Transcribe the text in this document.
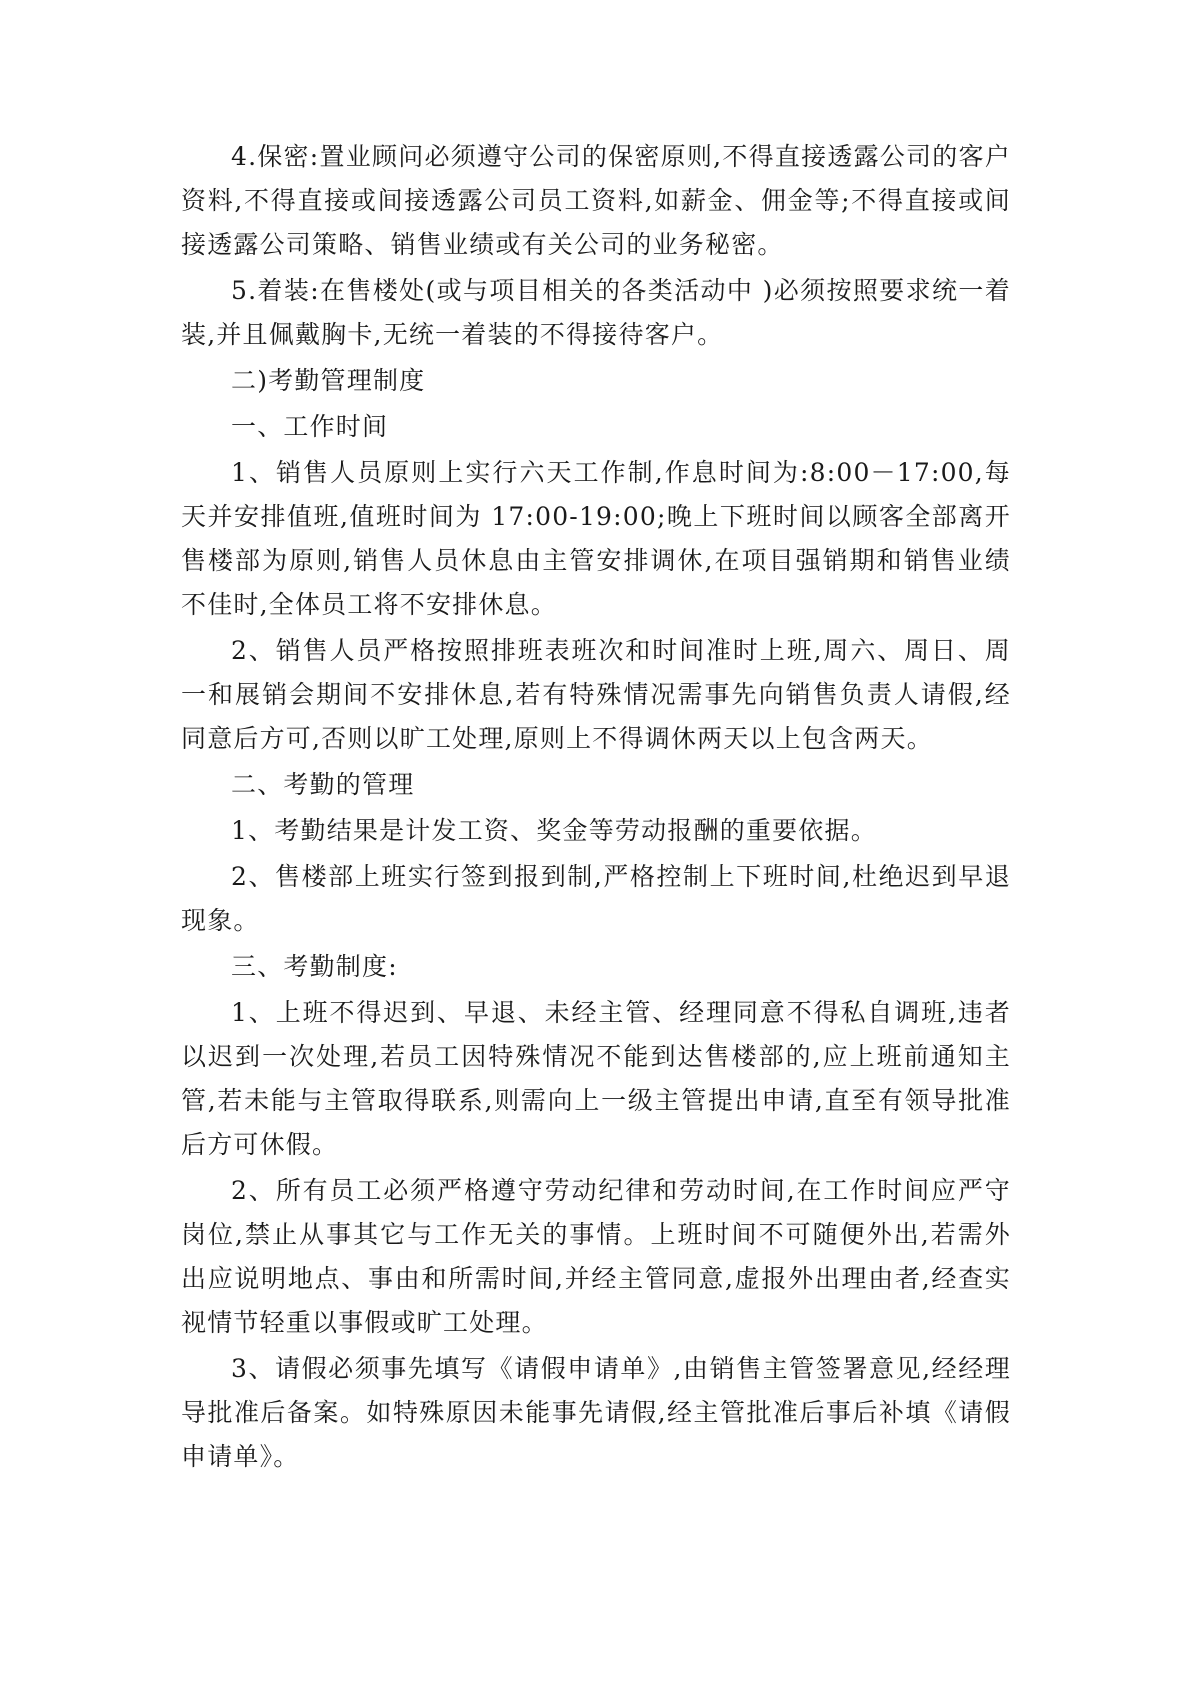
4.保密:置业顾问必须遵守公司的保密原则,不得直接透露公司的客户资料,不得直接或间接透露公司员工资料,如薪金、佣金等;不得直接或间接透露公司策略、销售业绩或有关公司的业务秘密。

5.着装:在售楼处(或与项目相关的各类活动中 )必须按照要求统一着装,并且佩戴胸卡,无统一着装的不得接待客户。

二)考勤管理制度

一、工作时间

1、销售人员原则上实行六天工作制,作息时间为:8:00－17:00,每天并安排值班,值班时间为 17:00-19:00;晚上下班时间以顾客全部离开售楼部为原则,销售人员休息由主管安排调休,在项目强销期和销售业绩不佳时,全体员工将不安排休息。

2、销售人员严格按照排班表班次和时间准时上班,周六、周日、周一和展销会期间不安排休息,若有特殊情况需事先向销售负责人请假,经同意后方可,否则以旷工处理,原则上不得调休两天以上包含两天。

二、考勤的管理

1、考勤结果是计发工资、奖金等劳动报酬的重要依据。

2、售楼部上班实行签到报到制,严格控制上下班时间,杜绝迟到早退现象。

三、考勤制度:

1、上班不得迟到、早退、未经主管、经理同意不得私自调班,违者以迟到一次处理,若员工因特殊情况不能到达售楼部的,应上班前通知主管,若未能与主管取得联系,则需向上一级主管提出申请,直至有领导批准后方可休假。

2、所有员工必须严格遵守劳动纪律和劳动时间,在工作时间应严守岗位,禁止从事其它与工作无关的事情。上班时间不可随便外出,若需外出应说明地点、事由和所需时间,并经主管同意,虚报外出理由者,经查实视情节轻重以事假或旷工处理。

3、请假必须事先填写《请假申请单》,由销售主管签署意见,经经理导批准后备案。如特殊原因未能事先请假,经主管批准后事后补填《请假申请单》。
